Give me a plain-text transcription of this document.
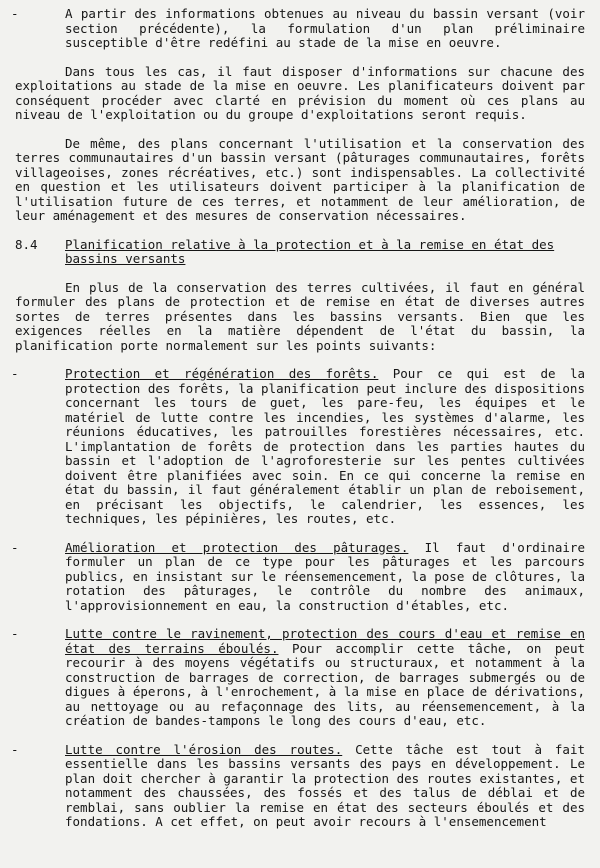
-	A partir des informations obtenues au niveau du bassin versant (voir section précédente), la formulation d'un plan préliminaire susceptible d'être redéfini au stade de la mise en oeuvre.

Dans tous les cas, il faut disposer d'informations sur chacune des exploitations au stade de la mise en oeuvre. Les planificateurs doivent par conséquent procéder avec clarté en prévision du moment où ces plans au niveau de l'exploitation ou du groupe d'exploitations seront requis.

De même, des plans concernant l'utilisation et la conservation des terres communautaires d'un bassin versant (pâturages communautaires, forêts villageoises, zones récréatives, etc.) sont indispensables. La collectivité en question et les utilisateurs doivent participer à la planification de l'utilisation future de ces terres, et notamment de leur amélioration, de leur aménagement et des mesures de conservation nécessaires.

8.4 Planification relative à la protection et à la remise en état des bassins versants

En plus de la conservation des terres cultivées, il faut en général formuler des plans de protection et de remise en état de diverses autres sortes de terres présentes dans les bassins versants. Bien que les exigences réelles en la matière dépendent de l'état du bassin, la planification porte normalement sur les points suivants:

-	Protection et régénération des forêts. Pour ce qui est de la protection des forêts, la planification peut inclure des dispositions concernant les tours de guet, les pare-feu, les équipes et le matériel de lutte contre les incendies, les systèmes d'alarme, les réunions éducatives, les patrouilles forestières nécessaires, etc. L'implantation de forêts de protection dans les parties hautes du bassin et l'adoption de l'agroforesterie sur les pentes cultivées doivent être planifiées avec soin. En ce qui concerne la remise en état du bassin, il faut généralement établir un plan de reboisement, en précisant les objectifs, le calendrier, les essences, les techniques, les pépinières, les routes, etc.
-	Amélioration et protection des pâturages. Il faut d'ordinaire formuler un plan de ce type pour les pâturages et les parcours publics, en insistant sur le réensemencement, la pose de clôtures, la rotation des pâturages, le contrôle du nombre des animaux, l'approvisionnement en eau, la construction d'étables, etc.
-	Lutte contre le ravinement, protection des cours d'eau et remise en état des terrains éboulés. Pour accomplir cette tâche, on peut recourir à des moyens végétatifs ou structuraux, et notamment à la construction de barrages de correction, de barrages submergés ou de digues à éperons, à l'enrochement, à la mise en place de dérivations, au nettoyage ou au refaçonnage des lits, au réensemencement, à la création de bandes-tampons le long des cours d'eau, etc.
-	Lutte contre l'érosion des routes. Cette tâche est tout à fait essentielle dans les bassins versants des pays en développement. Le plan doit chercher à garantir la protection des routes existantes, et notamment des chaussées, des fossés et des talus de déblai et de remblai, sans oublier la remise en état des secteurs éboulés et des fondations. A cet effet, on peut avoir recours à l'ensemencement
